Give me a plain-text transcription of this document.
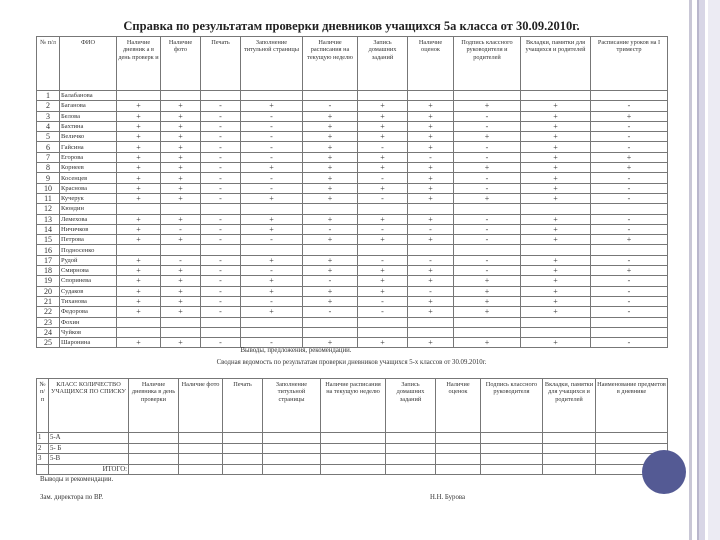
Справка по результатам проверки дневников учащихся 5а класса от 30.09.2010г.
№ п/л	ФИО	Наличие дневник а в день проверк и	Наличие фото	Печать	Заполнение титульной страницы	Наличие расписания на текущую неделю	Запись домашних заданий	Наличие оценок	Подпись классного руководителя и родителей	Вкладки, памятки для учащихся и родителей	Расписание уроков на I триместр
1	Балабанова										
2	Баганова	+	+	-	+	-	+	+	+	+	-
3	Белова	+	+	-	-	+	+	+	-	+	+
4	Бахтина	+	+	-	-	+	+	+	-	+	-
5	Величко	+	+	-	-	+	+	+	+	+	-
6	Гайсина	+	+	-	-	+	-	+	-	+	-
7	Егорова	+	+	-	-	+	+	-	-	+	+
8	Корнеев	+	+	-	+	+	+	+	+	+	+
9	Косенцев	+	+	-	-	+	-	+	-	+	-
10	Краснова	+	+	-	-	+	+	+	-	+	-
11	Кучерук	+	+	-	+	+	-	+	+	+	-
12	Кюндин										
13	Лемехова	+	+	-	+	+	+	+	-	+	-
14	Ничичков	+	-	-	+	-	-	-	-	+	-
15	Петрова	+	+	-	-	+	+	+	-	+	+
16	Подносенко										
17	Рудой	+	-	-	+	+	-	-	-	+	-
18	Смирнова	+	+	-	-	+	+	+	-	+	+
19	Споринева	+	+	-	+	-	+	+	+	+	-
20	Судаков	+	+	-	+	+	+	-	+	+	-
21	Тиханова	+	+	-	-	+	-	+	+	+	-
22	Федорова	+	+	-	+	-	-	+	+	+	-
23	Фохин										
24	Чуйков										
25	Шаронина	+	+	-	-	+	+	+	+	+	-
Выводы, предложения, рекомендации.
Сводная ведомость по результатам проверки дневников учащихся 5-х классов от 30.09.2010г.
№ п/ п	КЛАСС КОЛИЧЕСТВО УЧАЩИХСЯ ПО СПИСКУ	Наличие дневника в день проверки	Наличие фото	Печать	Заполнение титульной страницы	Наличие расписания на текущую неделю	Запись домашних заданий	Наличие оценок	Подпись классного руководителя	Вкладки, памятки для учащихся и родителей	Наименование предметов в дневнике
1	5-А										
2	5- Б										
3	5-В										
	ИТОГО:										
Выводы и рекомендации.
Зам. директора по ВР.	Н.Н. Бурова
